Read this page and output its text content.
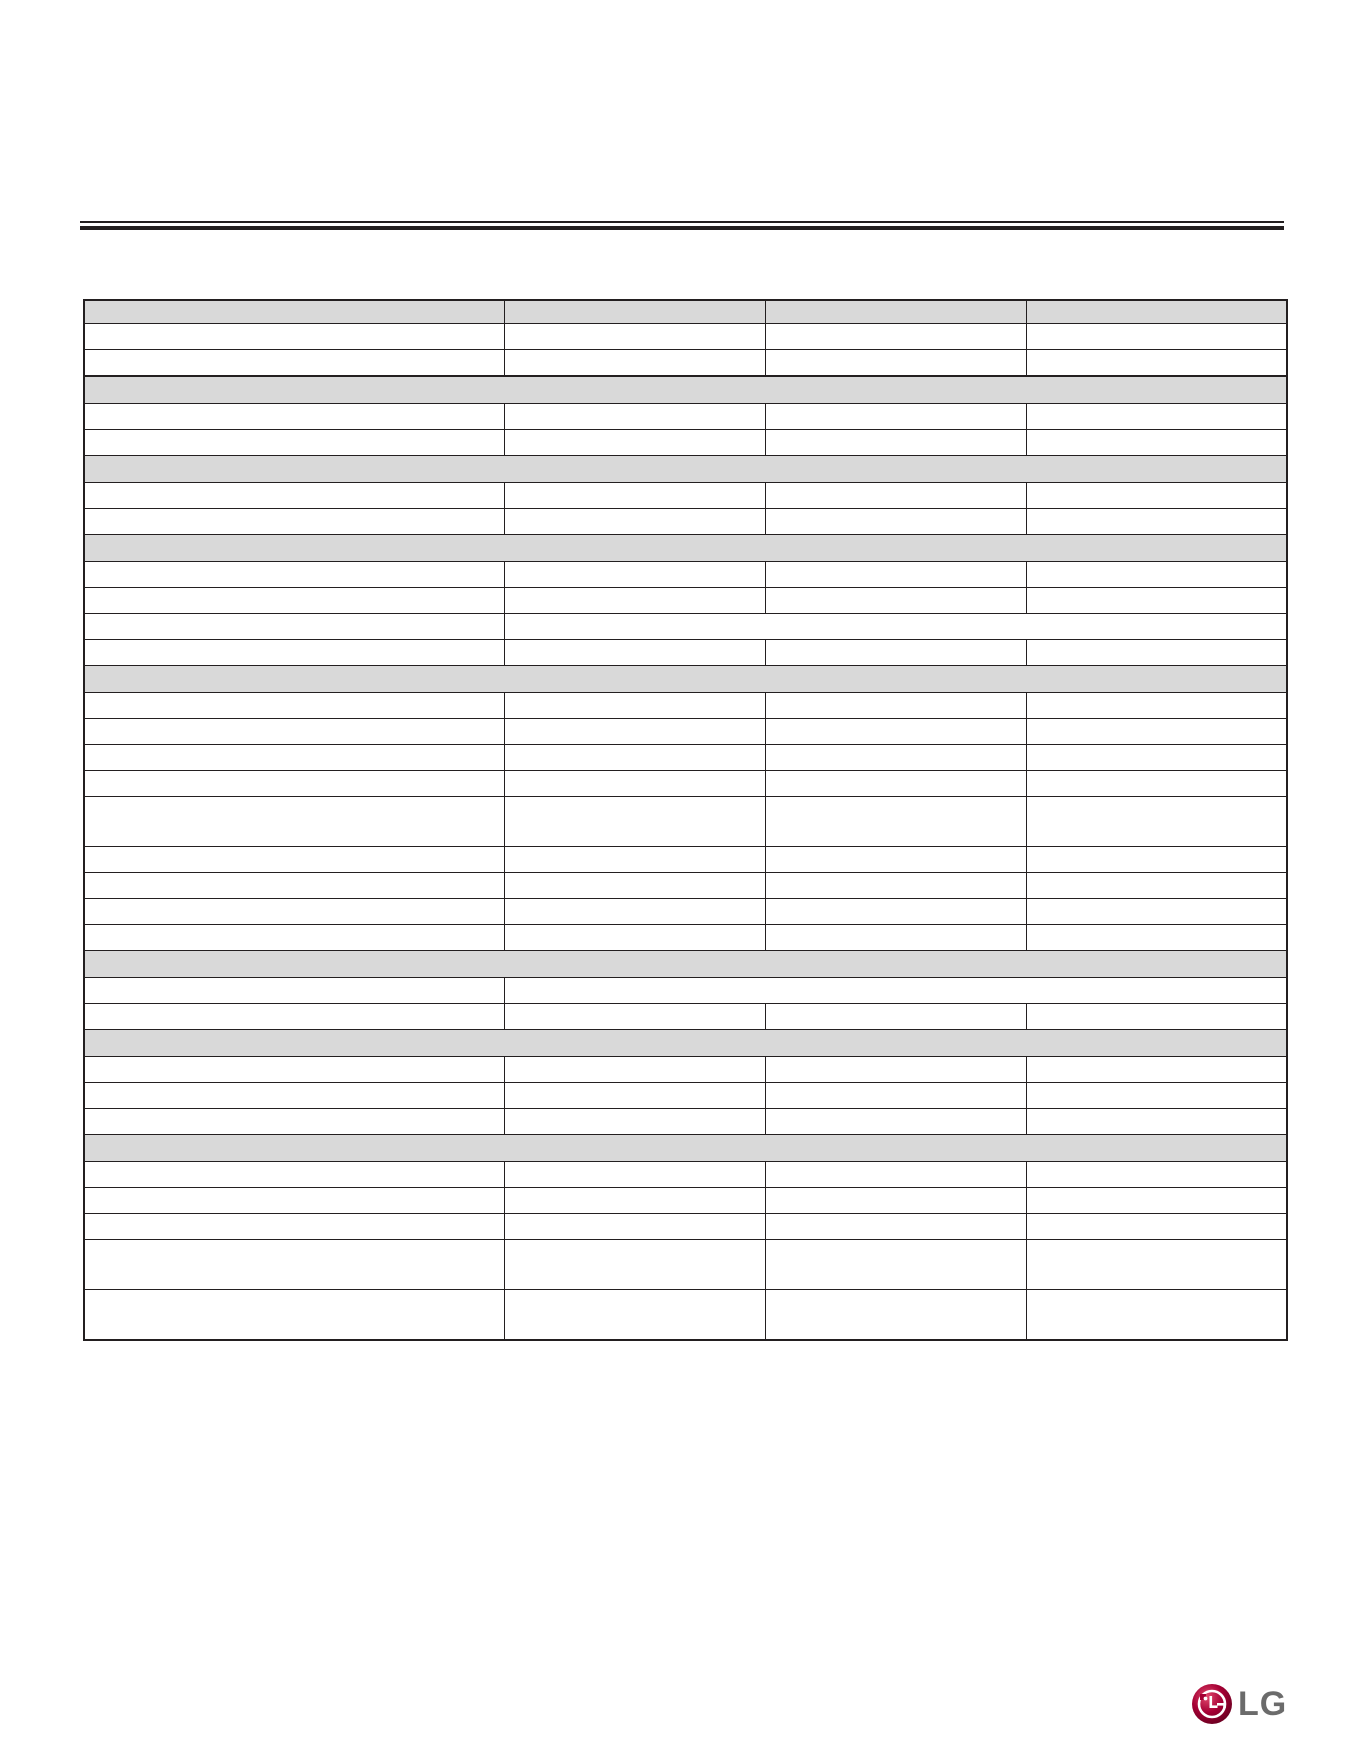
LG
